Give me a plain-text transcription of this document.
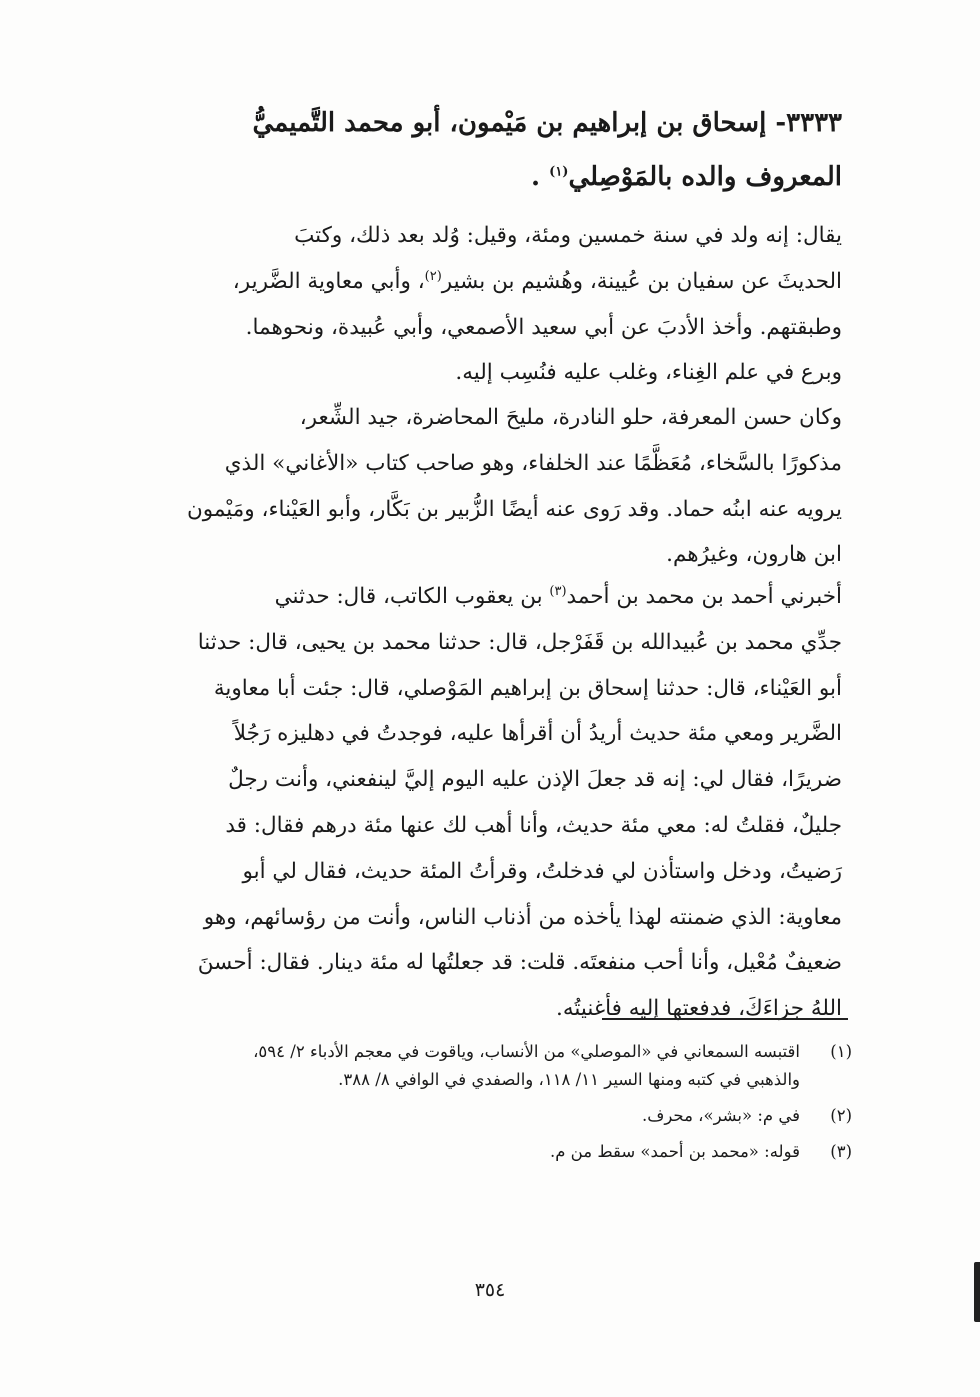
٣٣٣٣- إسحاق بن إبراهيم بن مَيْمون، أبو محمد التَّميميُّ
المعروف والده بالمَوْصِلي$^{(١)}$ .
يقال: إنه ولد في سنة خمسين ومئة، وقيل: وُلد بعد ذلك، وكتبَ
الحديثَ عن سفيان بن عُيينة، وهُشيم بن بشير$^{(٢)}$، وأبي معاوية الضَّرير،
وطبقتهم. وأخذ الأدبَ عن أبي سعيد الأصمعي، وأبي عُبيدة، ونحوهما.
وبرع في علم الغِناء، وغلب عليه فنُسِب إليه.
وكان حسن المعرفة، حلو النادرة، مليحَ المحاضرة، جيد الشِّعر،
مذكورًا بالسَّخاء، مُعَظَّمًا عند الخلفاء، وهو صاحب كتاب «الأغاني» الذي
يرويه عنه ابنُه حماد. وقد رَوى عنه أيضًا الزُّبير بن بَكَّار، وأبو العَيْناء، ومَيْمون
ابن هارون، وغيرُهم.
أخبرني أحمد بن محمد بن أحمد$^{(٣)}$ بن يعقوب الكاتب، قال: حدثني
جدِّي محمد بن عُبيدالله بن قَفَرْجل، قال: حدثنا محمد بن يحيى، قال: حدثنا
أبو العَيْناء، قال: حدثنا إسحاق بن إبراهيم المَوْصلي، قال: جئت أبا معاوية
الضَّرير ومعي مئة حديث أريدُ أن أقرأها عليه، فوجدتُ في دهليزه رَجُلاً
ضريرًا، فقال لي: إنه قد جعلَ الإذن عليه اليوم إليَّ لينفعني، وأنت رجلٌ
جليلٌ، فقلتُ له: معي مئة حديث، وأنا أهب لك عنها مئة درهم فقال: قد
رَضيتُ، ودخل واستأذن لي فدخلتُ، وقرأتُ المئة حديث، فقال لي أبو
معاوية: الذي ضمنته لهذا يأخذه من أذناب الناس، وأنت من رؤسائهم، وهو
ضعيفٌ مُعْيل، وأنا أحب منفعتَه. قلت: قد جعلتُها له مئة دينار. فقال: أحسنَ
اللهُ جزاءَكَ، فدفعتها إليه فأغنيتُه.
(١)
اقتبسه السمعاني في «الموصلي» من الأنساب، وياقوت في معجم الأدباء ٢/ ٥٩٤،
والذهبي في كتبه ومنها السير ١١/ ١١٨، والصفدي في الوافي ٨/ ٣٨٨.
(٢)
في م: «بشر»، محرف.
(٣)
قوله: «محمد بن أحمد» سقط من م.
٣٥٤
